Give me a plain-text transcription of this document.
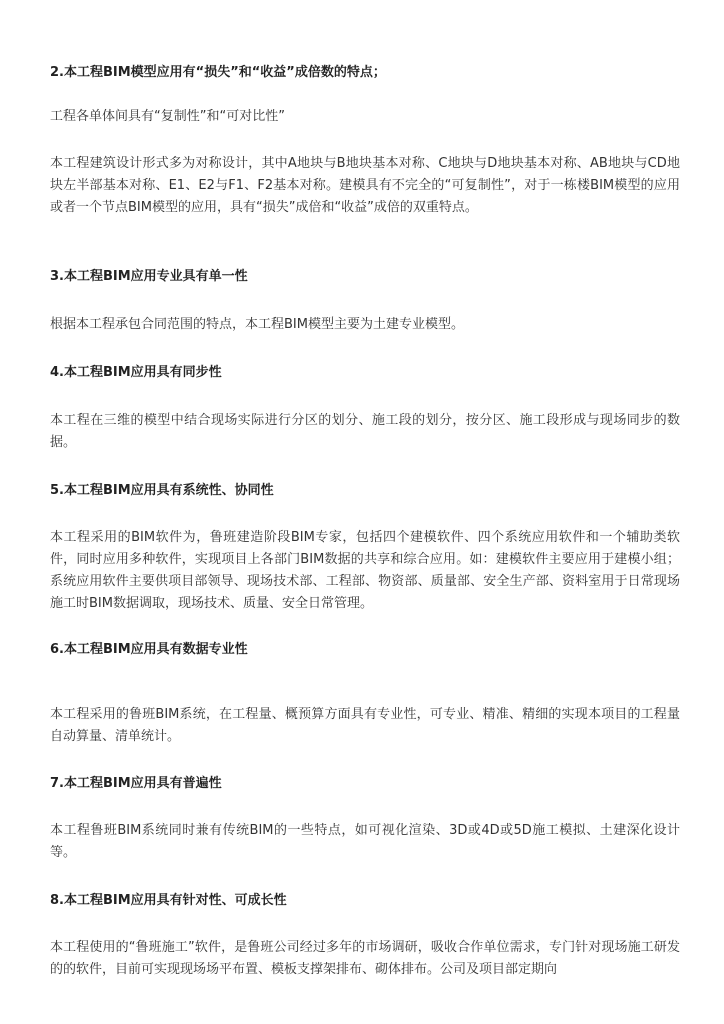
2.本工程BIM模型应用有“损失”和“收益”成倍数的特点；

工程各单体间具有“复制性”和“可对比性”

本工程建筑设计形式多为对称设计，其中A地块与B地块基本对称、C地块与D地块基本对称、AB地块与CD地块左半部基本对称、E1、E2与F1、F2基本对称。建模具有不完全的“可复制性”，对于一栋楼BIM模型的应用或者一个节点BIM模型的应用，具有“损失”成倍和“收益”成倍的双重特点。

3.本工程BIM应用专业具有单一性

根据本工程承包合同范围的特点，本工程BIM模型主要为土建专业模型。

4.本工程BIM应用具有同步性

本工程在三维的模型中结合现场实际进行分区的划分、施工段的划分，按分区、施工段形成与现场同步的数据。

5.本工程BIM应用具有系统性、协同性

本工程采用的BIM软件为，鲁班建造阶段BIM专家，包括四个建模软件、四个系统应用软件和一个辅助类软件，同时应用多种软件，实现项目上各部门BIM数据的共享和综合应用。如：建模软件主要应用于建模小组；系统应用软件主要供项目部领导、现场技术部、工程部、物资部、质量部、安全生产部、资料室用于日常现场施工时BIM数据调取，现场技术、质量、安全日常管理。

6.本工程BIM应用具有数据专业性

本工程采用的鲁班BIM系统，在工程量、概预算方面具有专业性，可专业、精准、精细的实现本项目的工程量自动算量、清单统计。

7.本工程BIM应用具有普遍性

本工程鲁班BIM系统同时兼有传统BIM的一些特点，如可视化渲染、3D或4D或5D施工模拟、土建深化设计等。

8.本工程BIM应用具有针对性、可成长性

本工程使用的“鲁班施工”软件，是鲁班公司经过多年的市场调研，吸收合作单位需求，专门针对现场施工研发的的软件，目前可实现现场场平布置、模板支撑架排布、砌体排布。公司及项目部定期向
